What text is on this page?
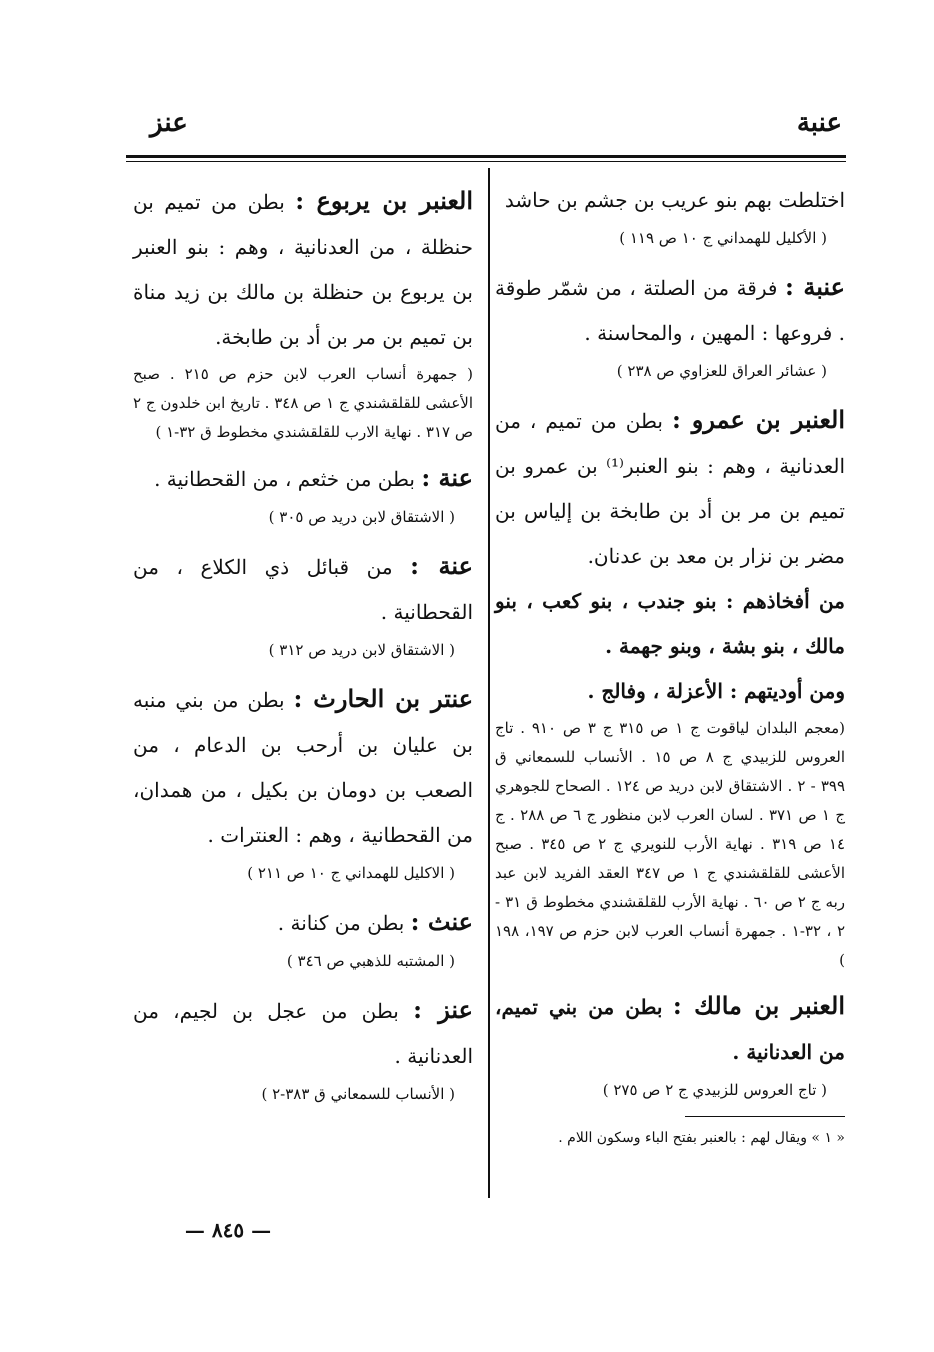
عنبة
عنز

اختلطت بهم بنو عريب بن جشم بن حاشد

( الأكليل للهمداني ج ١٠ ص ١١٩ )

عنبة : فرقة من الصلتة ، من شمّر طوقة . فروعها : المهين ، والمحاسنة .

( عشائر العراق للعزاوي ص ٢٣٨ )

العنبر بن عمرو : بطن من تميم ، من العدنانية ، وهم : بنو العنبر⁽¹⁾ بن عمرو بن تميم بن مر بن أد بن طابخة بن إلياس بن مضر بن نزار بن معد بن عدنان.

من أفخاذهم : بنو جندب ، بنو كعب ، بنو مالك ، بنو بشة ، وبنو جهمة .

ومن أوديتهم : الأعزلة ، وفالج .

(معجم البلدان لياقوت ج ١ ص ٣١٥ ج ٣ ص ٩١٠ . تاج العروس للزبيدي ج ٨ ص ١٥ . الأنساب للسمعاني ق ٣٩٩ - ٢ . الاشتقاق لابن دريد ص ١٢٤ . الصحاح للجوهري ج ١ ص ٣٧١ . لسان العرب لابن منظور ج ٦ ص ٢٨٨ . ج ١٤ ص ٣١٩ . نهاية الأرب للنويري ج ٢ ص ٣٤٥ . صبح الأعشى للقلقشندي ج ١ ص ٣٤٧ العقد الفريد لابن عبد ربه ج ٢ ص ٦٠ . نهاية الأرب للقلقشندي مخطوط ق ٣١ - ٢ ، ٣٢-١ . جمهرة أنساب العرب لابن حزم ص ١٩٧، ١٩٨ )

العنبر بن مالك : بطن من بني تميم، من العدنانية .

( تاج العروس للزبيدي ج ٢ ص ٢٧٥ )

« ١ » ويقال لهم : بالعنبر بفتح الباء وسكون اللام .

العنبر بن يربوع : بطن من تميم بن حنظلة ، من العدنانية ، وهم : بنو العنبر بن يربوع بن حنظلة بن مالك بن زيد مناة بن تميم بن مر بن أد بن طابخة.

( جمهرة أنساب العرب لابن حزم ص ٢١٥ . صبح الأعشى للقلقشندي ج ١ ص ٣٤٨ . تاريخ ابن خلدون ج ٢ ص ٣١٧ . نهاية الارب للقلقشندي مخطوط ق ٣٢-١ )

عنة : بطن من خثعم ، من القحطانية .

( الاشتقاق لابن دريد ص ٣٠٥ )

عنة : من قبائل ذي الكلاع ، من القحطانية .

( الاشتقاق لابن دريد ص ٣١٢ )

عنتر بن الحارث : بطن من بني منبه بن عليان بن أرحب بن الدعام ، من الصعب بن دومان بن بكيل ، من همدان، من القحطانية ، وهم : العنترات .

( الاكليل للهمداني ج ١٠ ص ٢١١ )

عنث : بطن من كنانة .

( المشتبه للذهبي ص ٣٤٦ )

عنز : بطن من عجل بن لجيم، من العدنانية .

( الأنساب للسمعاني ق ٣٨٣-٢ )

— ٨٤٥ —
